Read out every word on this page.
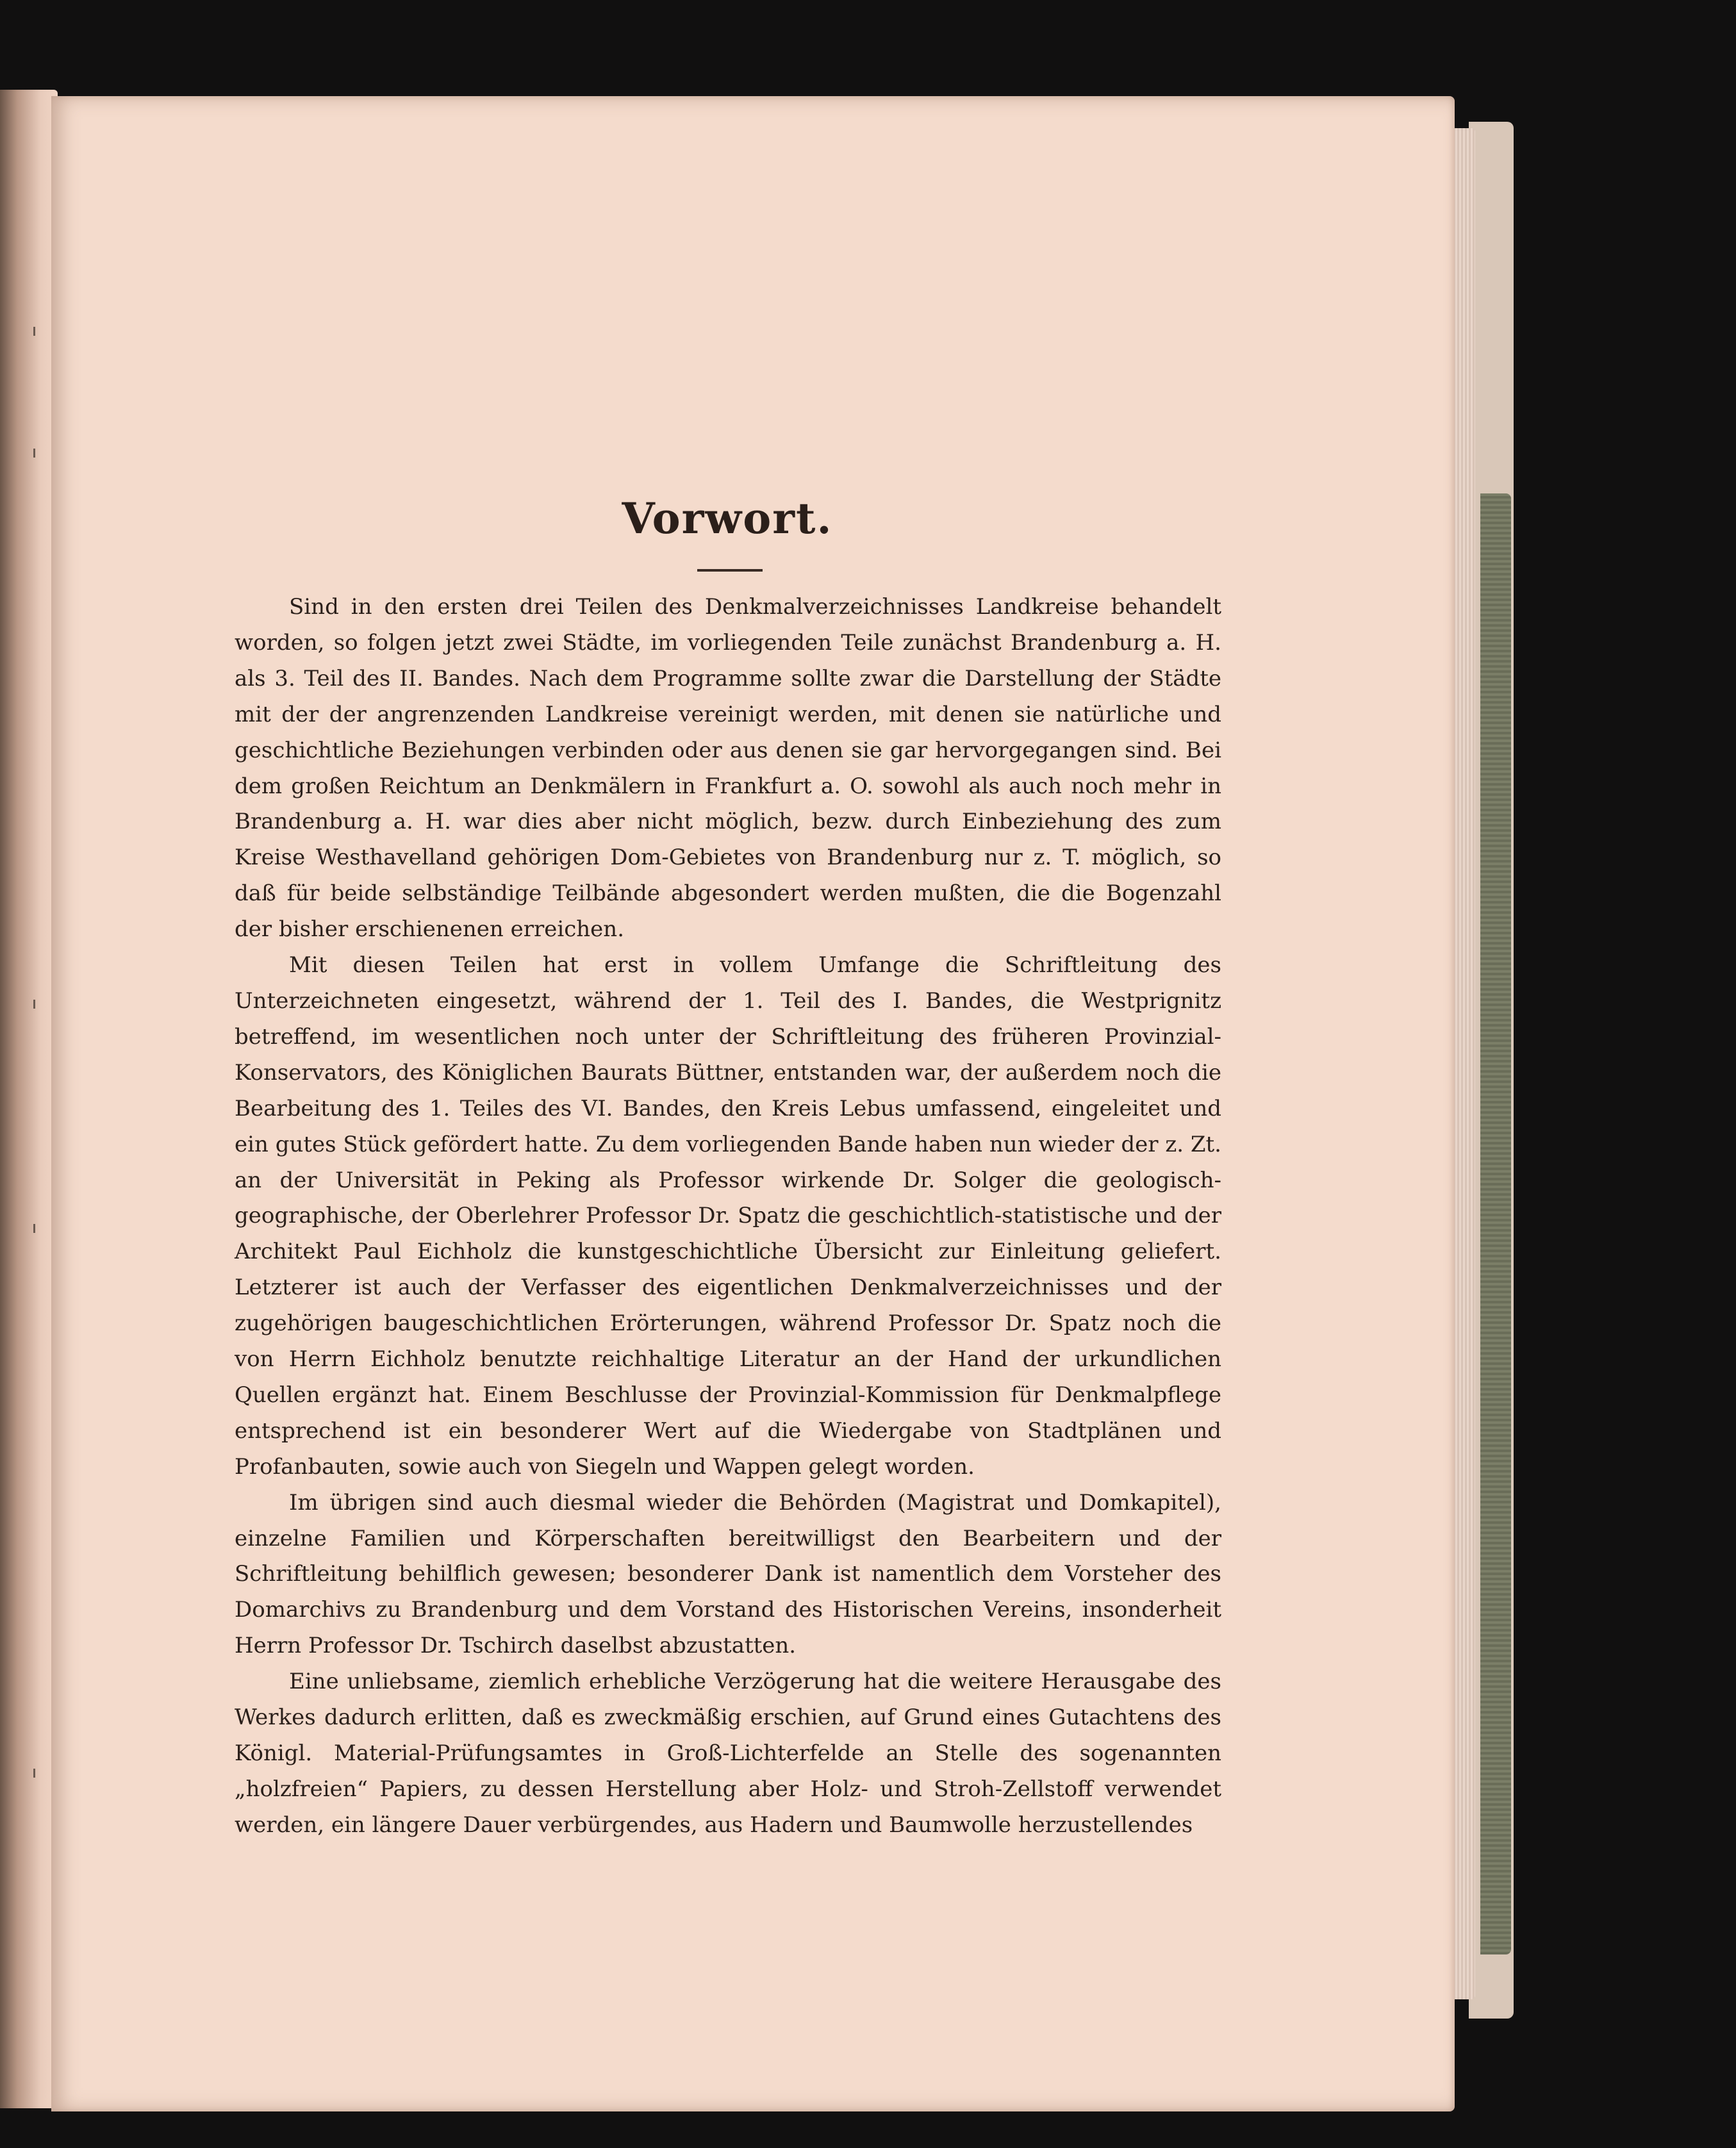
Vorwort.

Sind in den ersten drei Teilen des Denkmalverzeichnisses Landkreise behandelt worden, so folgen jetzt zwei Städte, im vorliegenden Teile zunächst Brandenburg a. H. als 3. Teil des II. Bandes. Nach dem Programme sollte zwar die Darstellung der Städte mit der der angrenzenden Landkreise vereinigt werden, mit denen sie natürliche und geschichtliche Beziehungen verbinden oder aus denen sie gar hervorgegangen sind. Bei dem großen Reichtum an Denkmälern in Frankfurt a. O. sowohl als auch noch mehr in Brandenburg a. H. war dies aber nicht möglich, bezw. durch Einbeziehung des zum Kreise Westhavelland gehörigen Dom-Gebietes von Brandenburg nur z. T. möglich, so daß für beide selbständige Teilbände abgesondert werden mußten, die die Bogenzahl der bisher erschienenen erreichen.

Mit diesen Teilen hat erst in vollem Umfange die Schriftleitung des Unterzeichneten eingesetzt, während der 1. Teil des I. Bandes, die Westprignitz betreffend, im wesentlichen noch unter der Schriftleitung des früheren Provinzial-Konservators, des Königlichen Baurats Büttner, entstanden war, der außerdem noch die Bearbeitung des 1. Teiles des VI. Bandes, den Kreis Lebus umfassend, eingeleitet und ein gutes Stück gefördert hatte. Zu dem vorliegenden Bande haben nun wieder der z. Zt. an der Universität in Peking als Professor wirkende Dr. Solger die geologisch-geographische, der Oberlehrer Professor Dr. Spatz die geschichtlich-statistische und der Architekt Paul Eichholz die kunstgeschichtliche Übersicht zur Einleitung geliefert. Letzterer ist auch der Verfasser des eigentlichen Denkmalverzeichnisses und der zugehörigen baugeschichtlichen Erörterungen, während Professor Dr. Spatz noch die von Herrn Eichholz benutzte reichhaltige Literatur an der Hand der urkundlichen Quellen ergänzt hat. Einem Beschlusse der Provinzial-Kommission für Denkmalpflege entsprechend ist ein besonderer Wert auf die Wiedergabe von Stadtplänen und Profanbauten, sowie auch von Siegeln und Wappen gelegt worden.

Im übrigen sind auch diesmal wieder die Behörden (Magistrat und Domkapitel), einzelne Familien und Körperschaften bereitwilligst den Bearbeitern und der Schriftleitung behilflich gewesen; besonderer Dank ist namentlich dem Vorsteher des Domarchivs zu Brandenburg und dem Vorstand des Historischen Vereins, insonderheit Herrn Professor Dr. Tschirch daselbst abzustatten.

Eine unliebsame, ziemlich erhebliche Verzögerung hat die weitere Herausgabe des Werkes dadurch erlitten, daß es zweckmäßig erschien, auf Grund eines Gutachtens des Königl. Material-Prüfungsamtes in Groß-Lichterfelde an Stelle des sogenannten „holzfreien“ Papiers, zu dessen Herstellung aber Holz- und Stroh-Zellstoff verwendet werden, ein längere Dauer verbürgendes, aus Hadern und Baumwolle herzustellendes
